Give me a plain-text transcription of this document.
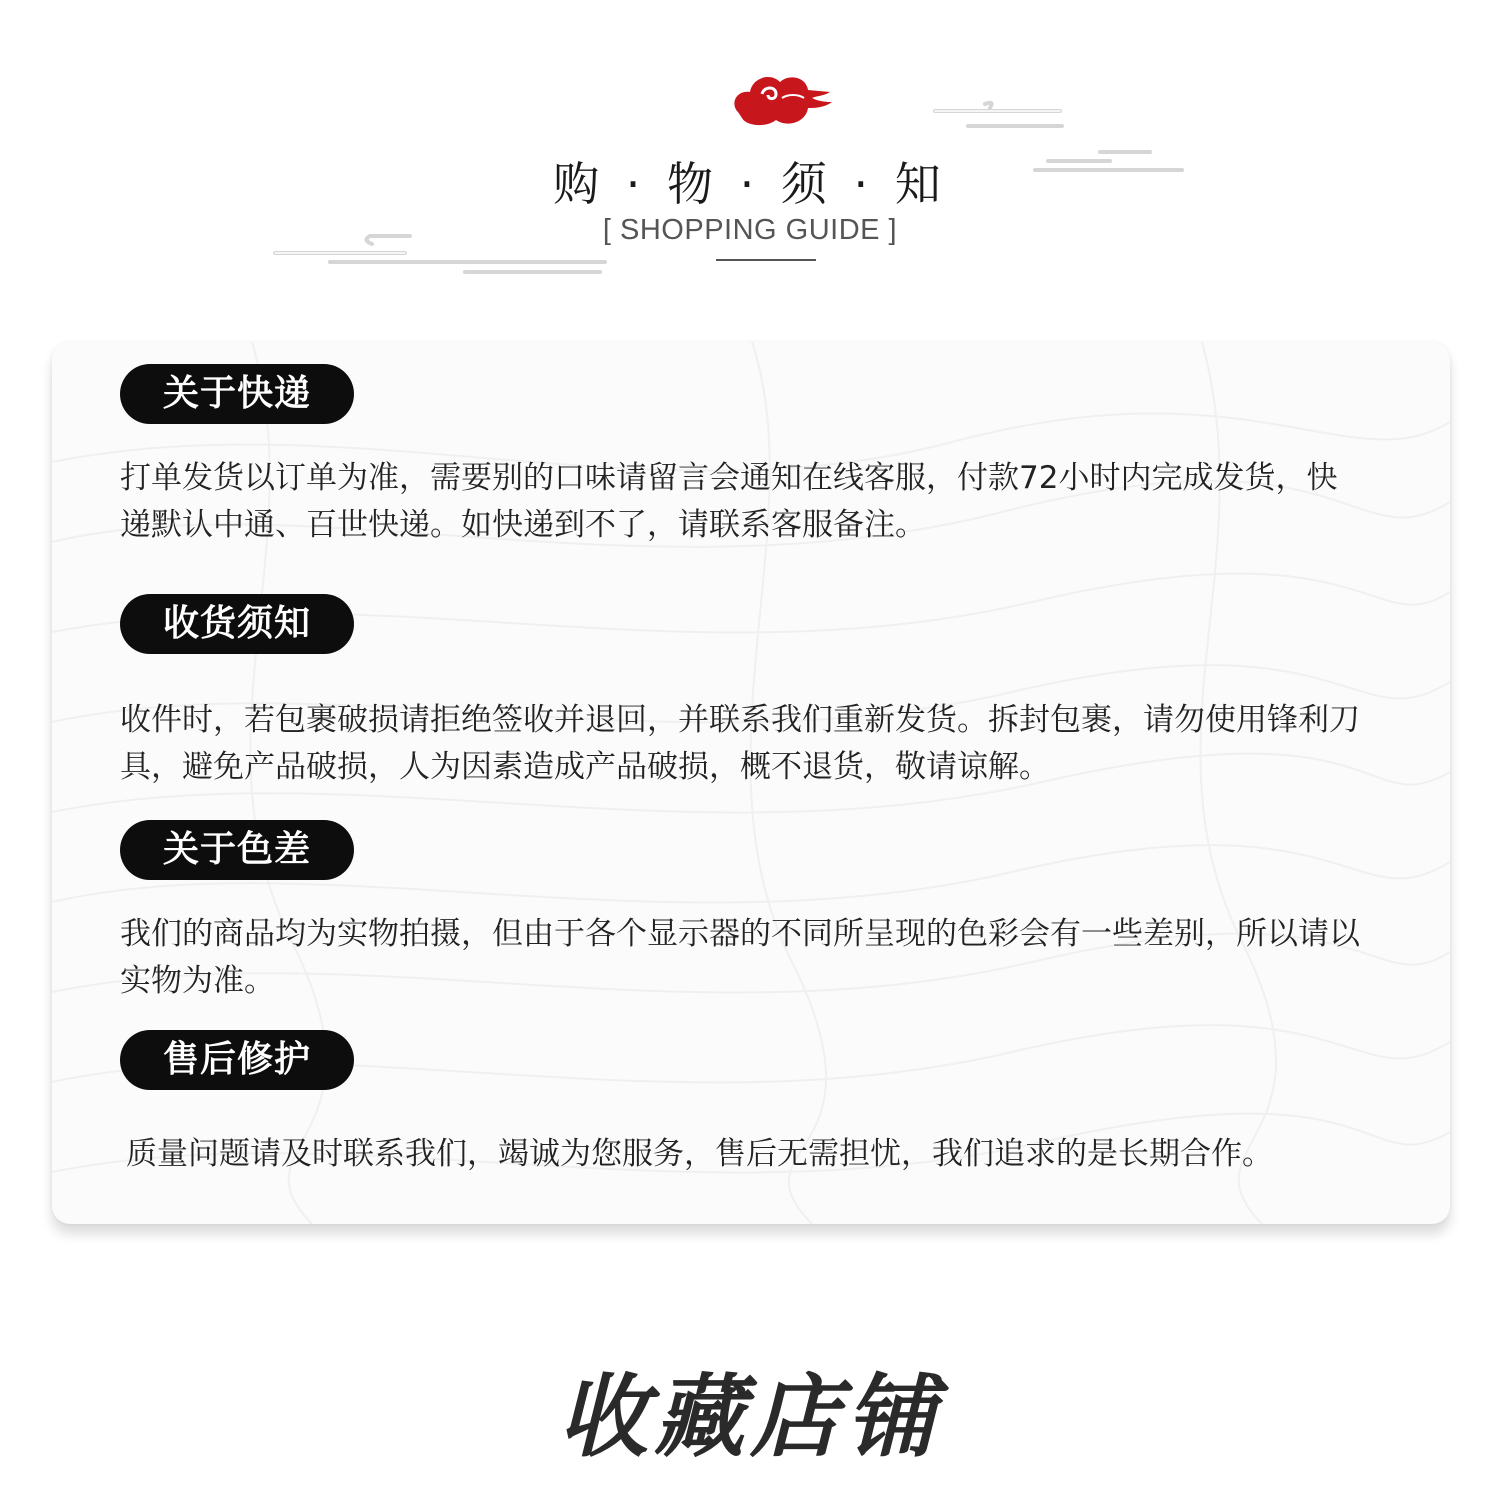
购 · 物 · 须 · 知
[ SHOPPING GUIDE ]
关于快递

打单发货以订单为准，需要别的口味请留言会通知在线客服，付款72小时内完成发货，快递默认中通、百世快递。如快递到不了，请联系客服备注。

收货须知

收件时，若包裹破损请拒绝签收并退回，并联系我们重新发货。拆封包裹，请勿使用锋利刀具，避免产品破损，人为因素造成产品破损，概不退货，敬请谅解。

关于色差

我们的商品均为实物拍摄，但由于各个显示器的不同所呈现的色彩会有一些差别，所以请以实物为准。

售后修护

质量问题请及时联系我们，竭诚为您服务，售后无需担忧，我们追求的是长期合作。

收藏店铺
